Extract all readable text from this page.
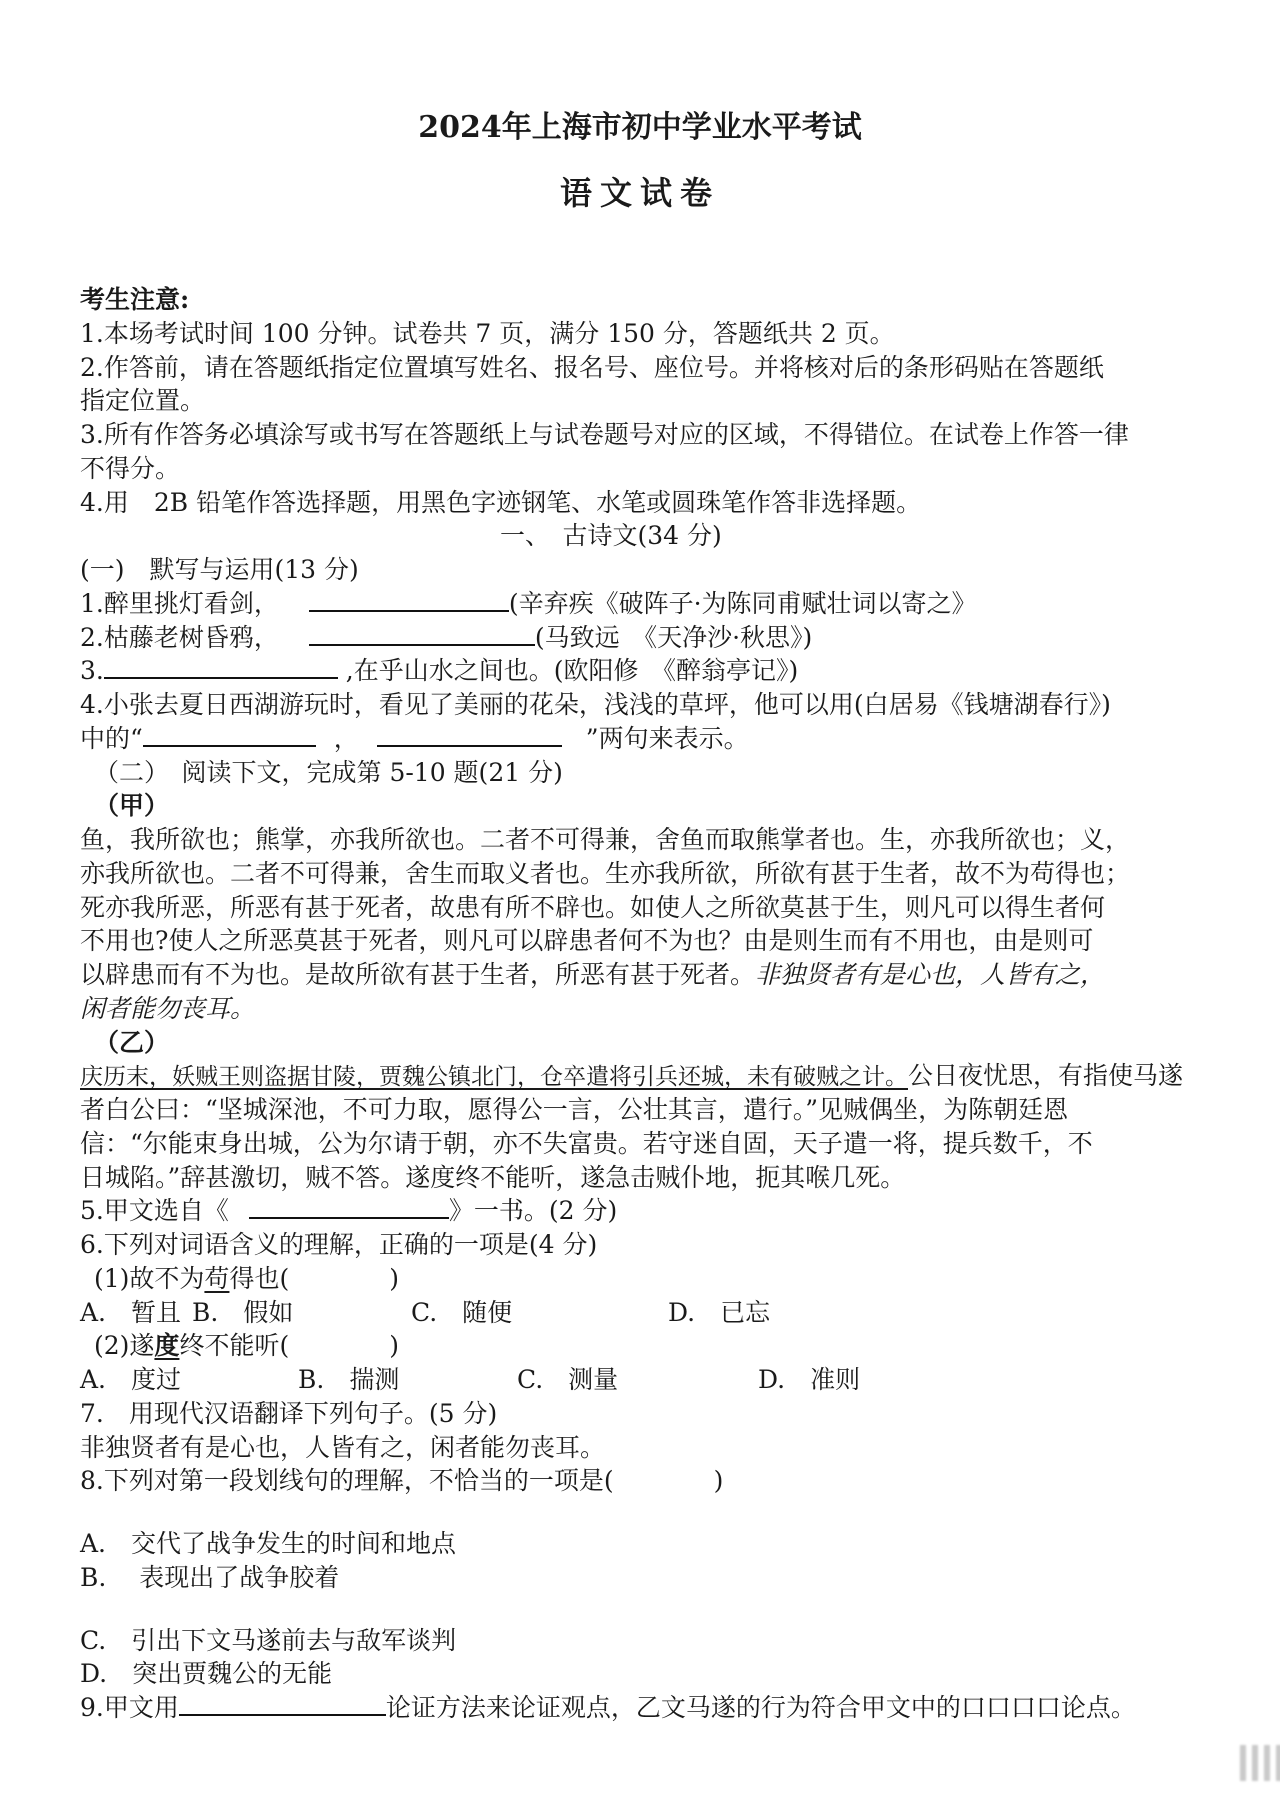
2024年上海市初中学业水平考试
语文试卷
考生注意:
1.本场考试时间 100 分钟。试卷共 7 页，满分 150 分，答题纸共 2 页。
2.作答前，请在答题纸指定位置填写姓名、报名号、座位号。并将核对后的条形码贴在答题纸
指定位置。
3.所有作答务必填涂写或书写在答题纸上与试卷题号对应的区域，不得错位。在试卷上作答一律
不得分。
4.用　2B 铅笔作答选择题，用黑色字迹钢笔、水笔或圆珠笔作答非选择题。
一、　古诗文(34 分)
(一)　默写与运用(13 分)
1.醉里挑灯看剑，	(辛弃疾《破阵子·为陈同甫赋壮词以寄之》
2.枯藤老树昏鸦，	(马致远　《天净沙·秋思》)
3.	,在乎山水之间也。(欧阳修　《醉翁亭记》)
4.小张去夏日西湖游玩时，看见了美丽的花朵，浅浅的草坪，他可以用(白居易《钱塘湖春行》)
中的“	，	”两句来表示。
（二）　阅读下文，完成第 5-10 题(21 分)
（甲）
鱼，我所欲也；熊掌，亦我所欲也。二者不可得兼，舍鱼而取熊掌者也。生，亦我所欲也；义，
亦我所欲也。二者不可得兼，舍生而取义者也。生亦我所欲，所欲有甚于生者，故不为苟得也；
死亦我所恶，所恶有甚于死者，故患有所不辟也。如使人之所欲莫甚于生，则凡可以得生者何
不用也?使人之所恶莫甚于死者，则凡可以辟患者何不为也？由是则生而有不用也，由是则可
以辟患而有不为也。是故所欲有甚于生者，所恶有甚于死者。非独贤者有是心也，人皆有之，
闲者能勿丧耳。
（乙）
庆历末，妖贼王则盗据甘陵，贾魏公镇北门，仓卒遣将引兵还城，未有破贼之计。公日夜忧思，有指使马遂
者白公曰：“坚城深池，不可力取，愿得公一言，公壮其言，遣行。”见贼偶坐，为陈朝廷恩
信：“尔能束身出城，公为尔请于朝，亦不失富贵。若守迷自固，天子遣一将，提兵数千，不
日城陷。”辞甚激切，贼不答。遂度终不能听，遂急击贼仆地，扼其喉几死。
5.甲文选自《	》一书。(2 分)
6.下列对词语含义的理解，正确的一项是(4 分)
(1)故不为苟得也(　　　　)
A.　暂且 B.　假如	C.　随便	D.　已忘
(2)遂度终不能听(　　　　)
A.　度过	B.　揣测	C.　测量	D.　准则
7.　用现代汉语翻译下列句子。(5 分)
非独贤者有是心也，人皆有之，闲者能勿丧耳。
8.下列对第一段划线句的理解，不恰当的一项是(　　　　)
A.　交代了战争发生的时间和地点
B.　 表现出了战争胶着
C.　引出下文马遂前去与敌军谈判
D.　突出贾魏公的无能
9.甲文用	论证方法来论证观点，乙文马遂的行为符合甲文中的口口口口论点。
